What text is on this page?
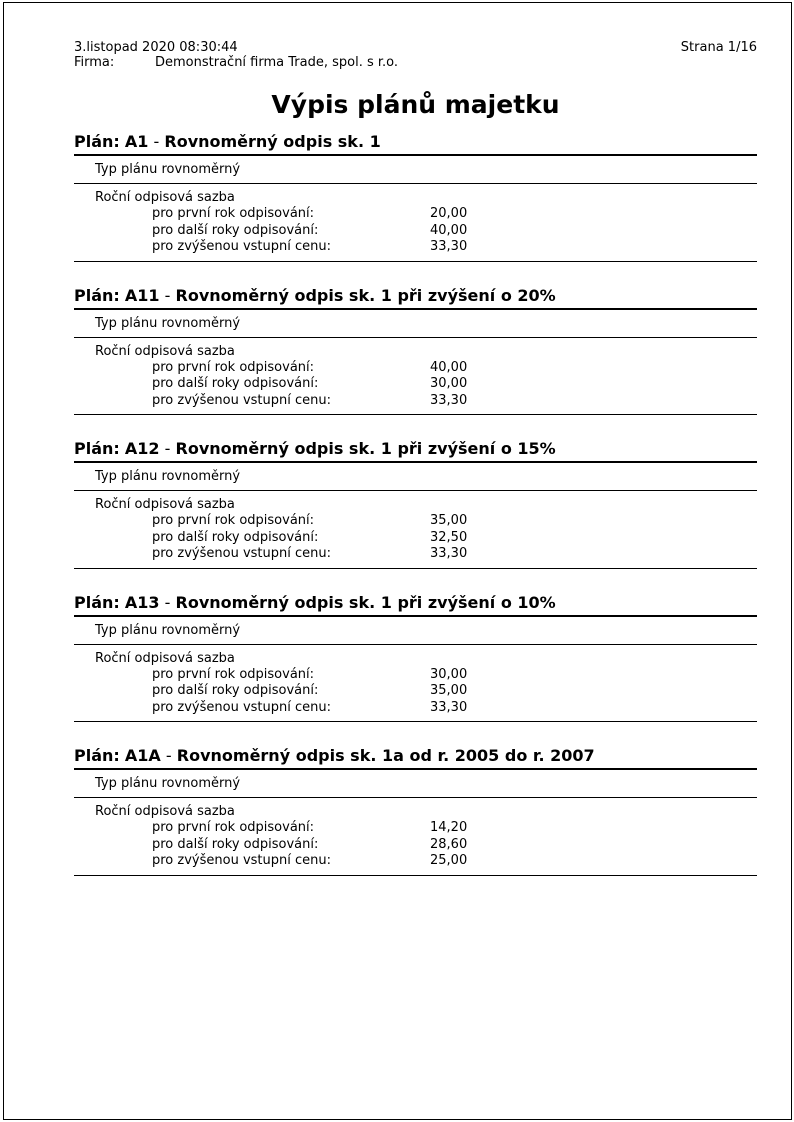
3.listopad 2020 08:30:44	Strana 1/16
Firma:	Demonstrační firma Trade, spol. s r.o.
Výpis plánů majetku
Plán: A1 - Rovnoměrný odpis sk. 1
Typ plánu rovnoměrný
Roční odpisová sazba
pro první rok odpisování:	20,00
pro další roky odpisování:	40,00
pro zvýšenou vstupní cenu:	33,30
Plán: A11 - Rovnoměrný odpis sk. 1 při zvýšení o 20%
Typ plánu rovnoměrný
Roční odpisová sazba
pro první rok odpisování:	40,00
pro další roky odpisování:	30,00
pro zvýšenou vstupní cenu:	33,30
Plán: A12 - Rovnoměrný odpis sk. 1 při zvýšení o 15%
Typ plánu rovnoměrný
Roční odpisová sazba
pro první rok odpisování:	35,00
pro další roky odpisování:	32,50
pro zvýšenou vstupní cenu:	33,30
Plán: A13 - Rovnoměrný odpis sk. 1 při zvýšení o 10%
Typ plánu rovnoměrný
Roční odpisová sazba
pro první rok odpisování:	30,00
pro další roky odpisování:	35,00
pro zvýšenou vstupní cenu:	33,30
Plán: A1A - Rovnoměrný odpis sk. 1a od r. 2005 do r. 2007
Typ plánu rovnoměrný
Roční odpisová sazba
pro první rok odpisování:	14,20
pro další roky odpisování:	28,60
pro zvýšenou vstupní cenu:	25,00
